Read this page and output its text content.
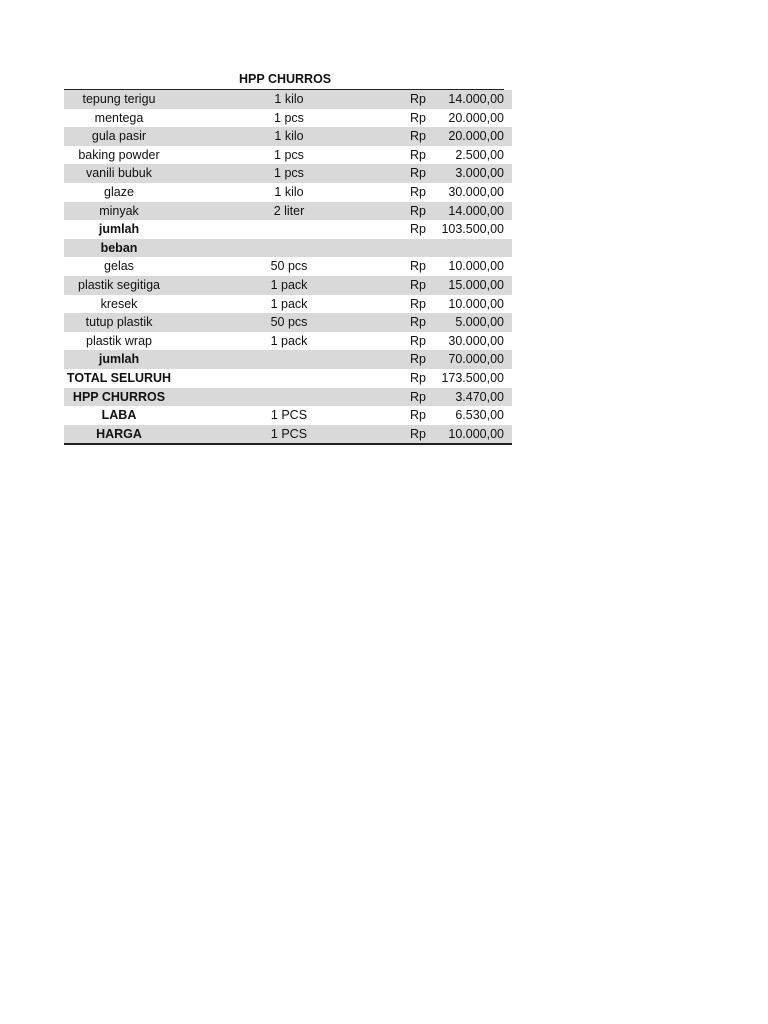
HPP CHURROS
tepung terigu	1 kilo	Rp	14.000,00
mentega	1 pcs	Rp	20.000,00
gula pasir	1 kilo	Rp	20.000,00
baking powder	1 pcs	Rp	2.500,00
vanili bubuk	1 pcs	Rp	3.000,00
glaze	1 kilo	Rp	30.000,00
minyak	2 liter	Rp	14.000,00
jumlah		Rp	103.500,00
beban			
gelas	50 pcs	Rp	10.000,00
plastik segitiga	1 pack	Rp	15.000,00
kresek	1 pack	Rp	10.000,00
tutup plastik	50 pcs	Rp	5.000,00
plastik wrap	1 pack	Rp	30.000,00
jumlah		Rp	70.000,00
TOTAL SELURUH		Rp	173.500,00
HPP CHURROS		Rp	3.470,00
LABA	1 PCS	Rp	6.530,00
HARGA	1 PCS	Rp	10.000,00
